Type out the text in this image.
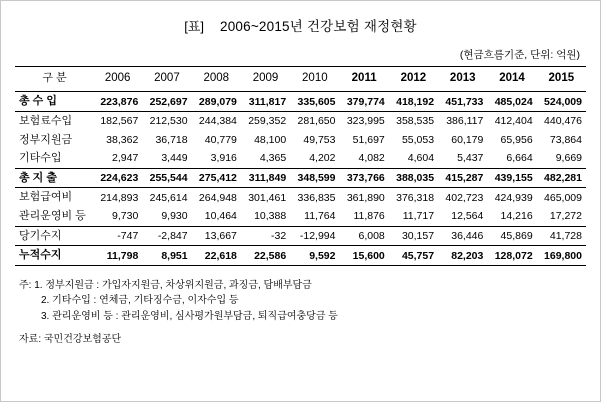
[표] 2006~2015년 건강보험 재정현황
(현금흐름기준, 단위: 억원)
구 분	2006	2007	2008	2009	2010	2011	2012	2013	2014	2015
총 수 입	223,876	252,697	289,079	311,817	335,605	379,774	418,192	451,733	485,024	524,009
보험료수입	182,567	212,530	244,384	259,352	281,650	323,995	358,535	386,117	412,404	440,476
정부지원금	38,362	36,718	40,779	48,100	49,753	51,697	55,053	60,179	65,956	73,864
기타수입	2,947	3,449	3,916	4,365	4,202	4,082	4,604	5,437	6,664	9,669
총 지 출	224,623	255,544	275,412	311,849	348,599	373,766	388,035	415,287	439,155	482,281
보험급여비	214,893	245,614	264,948	301,461	336,835	361,890	376,318	402,723	424,939	465,009
관리운영비 등	9,730	9,930	10,464	10,388	11,764	11,876	11,717	12,564	14,216	17,272
당기수지	-747	-2,847	13,667	-32	-12,994	6,008	30,157	36,446	45,869	41,728
누적수지	11,798	8,951	22,618	22,586	9,592	15,600	45,757	82,203	128,072	169,800
주: 1. 정부지원금 : 가입자지원금, 차상위지원금, 과징금, 담배부담금
2. 기타수입 : 연체금, 기타징수금, 이자수입 등
3. 관리운영비 등 : 관리운영비, 심사평가원부담금, 퇴직급여충당금 등
자료: 국민건강보험공단
